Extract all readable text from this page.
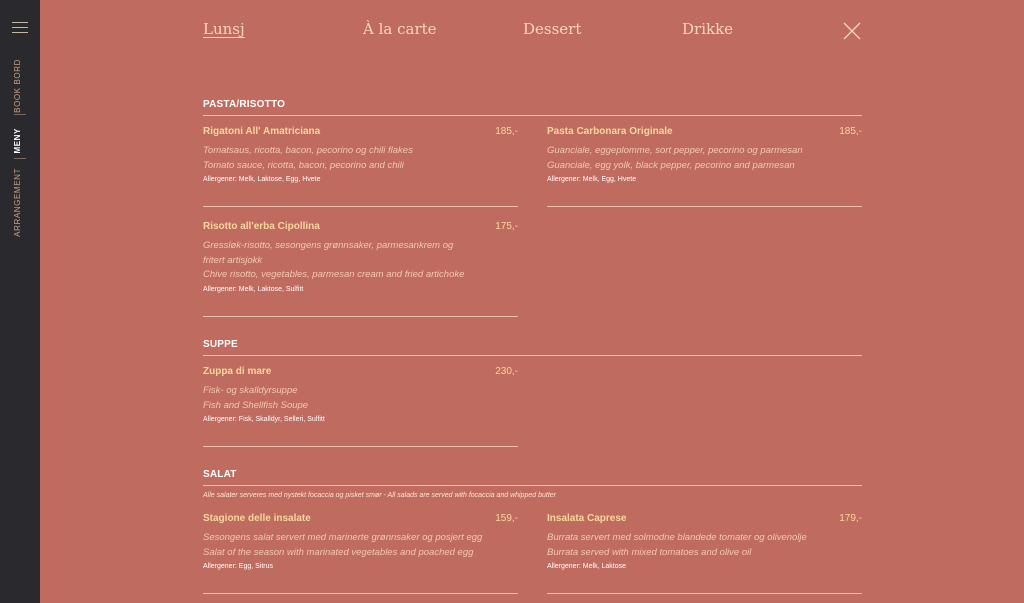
BOOK BORD
MENY
ARRANGEMENT
Lunsj	À la carte	Dessert	Drikke
PASTA/RISOTTO
Rigatoni All' Amatriciana	185,-
Tomatsaus, ricotta, bacon, pecorino og chili flakes
Tomato sauce, ricotta, bacon, pecorino and chili
Allergener: Melk, Laktose, Egg, Hvete
Pasta Carbonara Originale	185,-
Guanciale, eggeplomme, sort pepper, pecorino og parmesan
Guanciale, egg yolk, black pepper, pecorino and parmesan
Allergener: Melk, Egg, Hvete
Risotto all'erba Cipollina	175,-
Gressløk-risotto, sesongens grønnsaker, parmesankrem og fritert artisjokk
Chive risotto, vegetables, parmesan cream and fried artichoke
Allergener: Melk, Laktose, Sulfitt
SUPPE
Zuppa di mare	230,-
Fisk- og skalldyrsuppe
Fish and Shellfish Soupe
Allergener: Fisk, Skalldyr, Selleri, Sulfitt
SALAT
Alle salater serveres med nystekt focaccia og pisket smør - All salads are served with focaccia and whipped butter
Stagione delle insalate	159,-
Sesongens salat servert med marinerte grønnsaker og posjert egg
Salat of the season with marinated vegetables and poached egg
Allergener: Egg, Sitrus
Insalata Caprese	179,-
Burrata servert med solmodne blandede tomater og olivenolje
Burrata served with mixed tomatoes and olive oil
Allergener: Melk, Laktose
